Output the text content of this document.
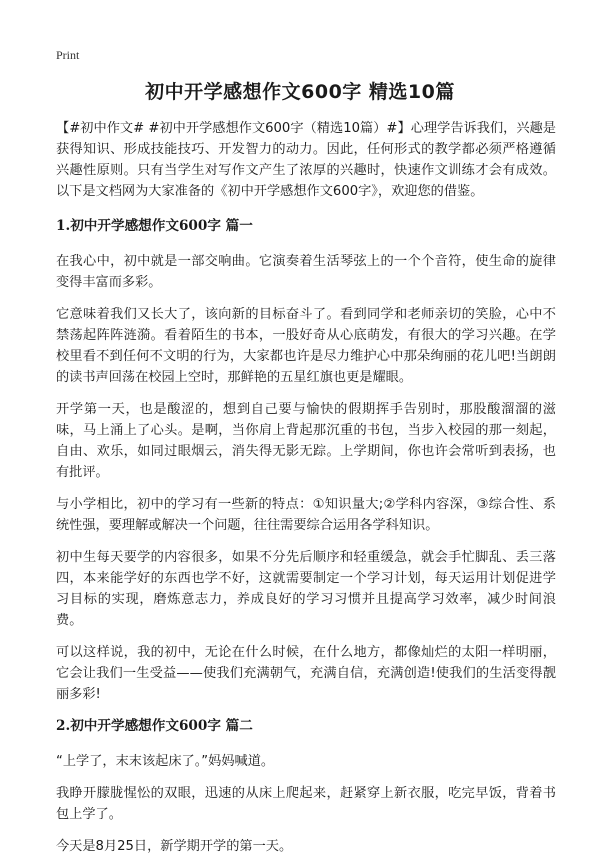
Print
初中开学感想作文600字 精选10篇

【#初中作文# #初中开学感想作文600字（精选10篇）#】心理学告诉我们，兴趣是获得知识、形成技能技巧、开发智力的动力。因此，任何形式的教学都必须严格遵循兴趣性原则。只有当学生对写作文产生了浓厚的兴趣时，快速作文训练才会有成效。以下是文档网为大家准备的《初中开学感想作文600字》，欢迎您的借鉴。

1.初中开学感想作文600字 篇一

在我心中，初中就是一部交响曲。它演奏着生活琴弦上的一个个音符，使生命的旋律变得丰富而多彩。

它意味着我们又长大了，该向新的目标奋斗了。看到同学和老师亲切的笑脸，心中不禁荡起阵阵涟漪。看着陌生的书本，一股好奇从心底萌发，有很大的学习兴趣。在学校里看不到任何不文明的行为，大家都也许是尽力维护心中那朵绚丽的花儿吧!当朗朗的读书声回荡在校园上空时，那鲜艳的五星红旗也更是耀眼。

开学第一天，也是酸涩的，想到自己要与愉快的假期挥手告别时，那股酸溜溜的滋味，马上涌上了心头。是啊，当你肩上背起那沉重的书包，当步入校园的那一刻起，自由、欢乐，如同过眼烟云，消失得无影无踪。上学期间，你也许会常听到表扬，也有批评。

与小学相比，初中的学习有一些新的特点：①知识量大;②学科内容深，③综合性、系统性强，要理解或解决一个问题，往往需要综合运用各学科知识。

初中生每天要学的内容很多，如果不分先后顺序和轻重缓急，就会手忙脚乱、丢三落四，本来能学好的东西也学不好，这就需要制定一个学习计划，每天运用计划促进学习目标的实现，磨炼意志力，养成良好的学习习惯并且提高学习效率，减少时间浪费。

可以这样说，我的初中，无论在什么时候，在什么地方，都像灿烂的太阳一样明丽，它会让我们一生受益——使我们充满朝气，充满自信，充满创造!使我们的生活变得靓丽多彩!

2.初中开学感想作文600字 篇二

“上学了，末末该起床了。”妈妈喊道。

我睁开朦胧惺忪的双眼，迅速的从床上爬起来，赶紧穿上新衣服，吃完早饭，背着书包上学了。

今天是8月25日，新学期开学的第一天。
